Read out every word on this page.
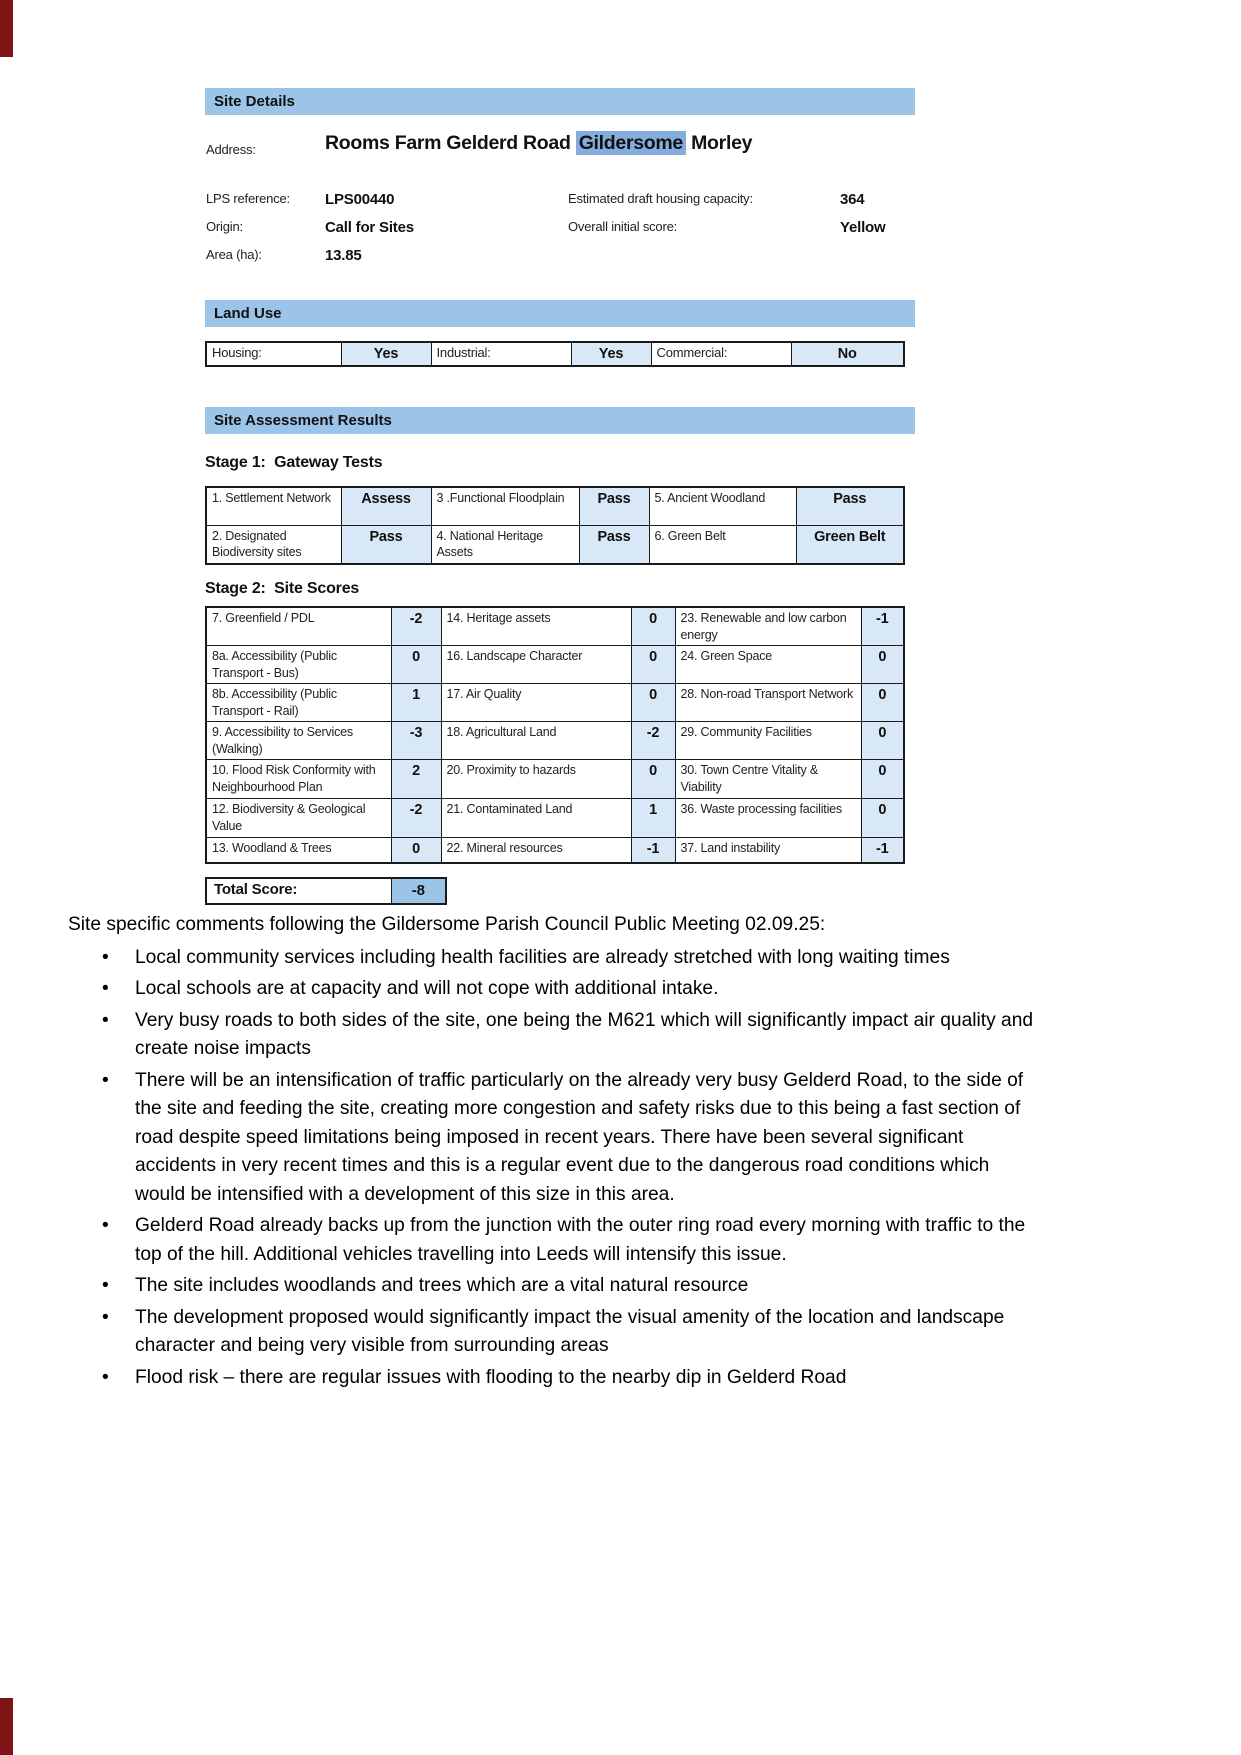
Site Details
Address:	Rooms Farm Gelderd Road Gildersome Morley
LPS reference: LPS00440
Origin:	Call for Sites
Area (ha):	13.85
Estimated draft housing capacity:	364
Overall initial score:	Yellow
Land Use
Housing:	Yes	Industrial:	Yes	Commercial:	No
Site Assessment Results
Stage 1:  Gateway Tests
1. Settlement Network	Assess	3 .Functional Floodplain	Pass	5. Ancient Woodland	Pass
2. Designated Biodiversity sites	Pass	4. National Heritage Assets	Pass	6. Green Belt	Green Belt
Stage 2:  Site Scores
7. Greenfield / PDL	-2	14. Heritage assets	0	23. Renewable and low carbon energy	-1
8a. Accessibility (Public Transport - Bus)	0	16. Landscape Character	0	24. Green Space	0
8b. Accessibility (Public Transport - Rail)	1	17. Air Quality	0	28. Non-road Transport Network	0
9. Accessibility to Services (Walking)	-3	18. Agricultural Land	-2	29. Community Facilities	0
10. Flood Risk Conformity with Neighbourhood Plan	2	20. Proximity to hazards	0	30. Town Centre Vitality & Viability	0
12. Biodiversity & Geological Value	-2	21. Contaminated Land	1	36. Waste processing facilities	0
13. Woodland & Trees	0	22. Mineral resources	-1	37. Land instability	-1
Total Score:	-8

Site specific comments following the Gildersome Parish Council Public Meeting 02.09.25:

• Local community services including health facilities are already stretched with long waiting times
• Local schools are at capacity and will not cope with additional intake.
• Very busy roads to both sides of the site, one being the M621 which will significantly impact air quality and create noise impacts
• There will be an intensification of traffic particularly on the already very busy Gelderd Road, to the side of the site and feeding the site, creating more congestion and safety risks due to this being a fast section of road despite speed limitations being imposed in recent years. There have been several significant accidents in very recent times and this is a regular event due to the dangerous road conditions which would be intensified with a development of this size in this area.
• Gelderd Road already backs up from the junction with the outer ring road every morning with traffic to the top of the hill. Additional vehicles travelling into Leeds will intensify this issue.
• The site includes woodlands and trees which are a vital natural resource
• The development proposed would significantly impact the visual amenity of the location and landscape character and being very visible from surrounding areas
• Flood risk – there are regular issues with flooding to the nearby dip in Gelderd Road
